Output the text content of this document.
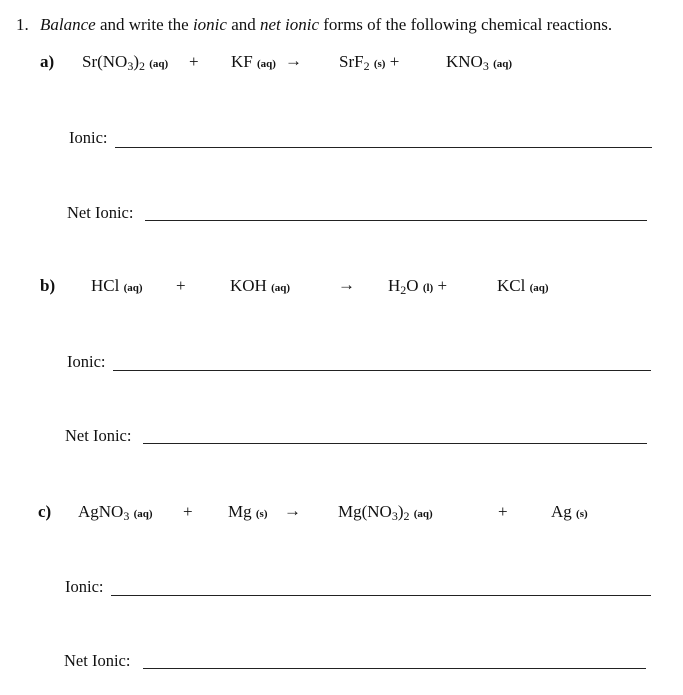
1. Balance and write the ionic and net ionic forms of the following chemical reactions.
a) Sr(NO3)2 (aq) + KF (aq) → SrF2 (s) +	KNO3 (aq)
Ionic:
Net Ionic:
b) HCl (aq) +	KOH (aq)	→ H2O (l) +	KCl (aq)
Ionic:
Net Ionic:
c) AgNO3 (aq) + Mg (s) → Mg(NO3)2 (aq)	+	Ag (s)
Ionic:
Net Ionic:
